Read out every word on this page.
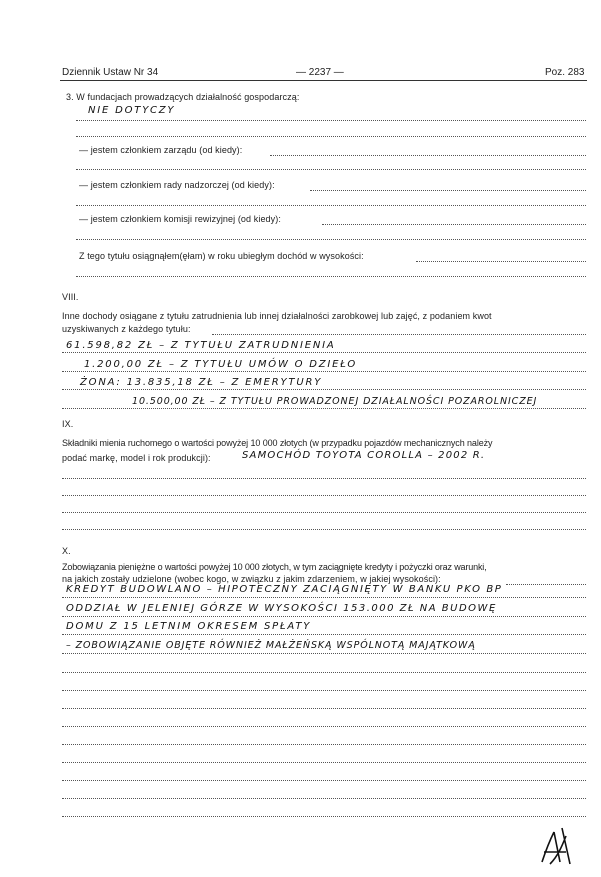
Dziennik Ustaw Nr 34	— 2237 —	Poz. 283
3. W fundacjach prowadzących działalność gospodarczą:
NIE DOTYCZY
— jestem członkiem zarządu (od kiedy):
— jestem członkiem rady nadzorczej (od kiedy):
— jestem członkiem komisji rewizyjnej (od kiedy):
Z tego tytułu osiągnąłem(ęłam) w roku ubiegłym dochód w wysokości:
VIII.
Inne dochody osiągane z tytułu zatrudnienia lub innej działalności zarobkowej lub zajęć, z podaniem kwot
uzyskiwanych z każdego tytułu:
61.598,82 ZŁ – Z TYTUŁU ZATRUDNIENIA
1.200,00 ZŁ – Z TYTUŁU UMÓW O DZIEŁO
ŻONA: 13.835,18 ZŁ – Z EMERYTURY
10.500,00 ZŁ – Z TYTUŁU PROWADZONEJ DZIAŁALNOŚCI POZAROLNICZEJ
IX.
Składniki mienia ruchomego o wartości powyżej 10 000 złotych (w przypadku pojazdów mechanicznych należy
podać markę, model i rok produkcji):	SAMOCHÓD TOYOTA COROLLA – 2002 R.
X.
Zobowiązania pieniężne o wartości powyżej 10 000 złotych, w tym zaciągnięte kredyty i pożyczki oraz warunki,
na jakich zostały udzielone (wobec kogo, w związku z jakim zdarzeniem, w jakiej wysokości):
KREDYT BUDOWLANO – HIPOTECZNY ZACIĄGNIĘTY W BANKU PKO BP
ODDZIAŁ W JELENIEJ GÓRZE W WYSOKOŚCI 153.000 ZŁ NA BUDOWĘ
DOMU Z 15 LETNIM OKRESEM SPŁATY
– ZOBOWIĄZANIE OBJĘTE RÓWNIEŻ MAŁŻEŃSKĄ WSPÓLNOTĄ MAJĄTKOWĄ
